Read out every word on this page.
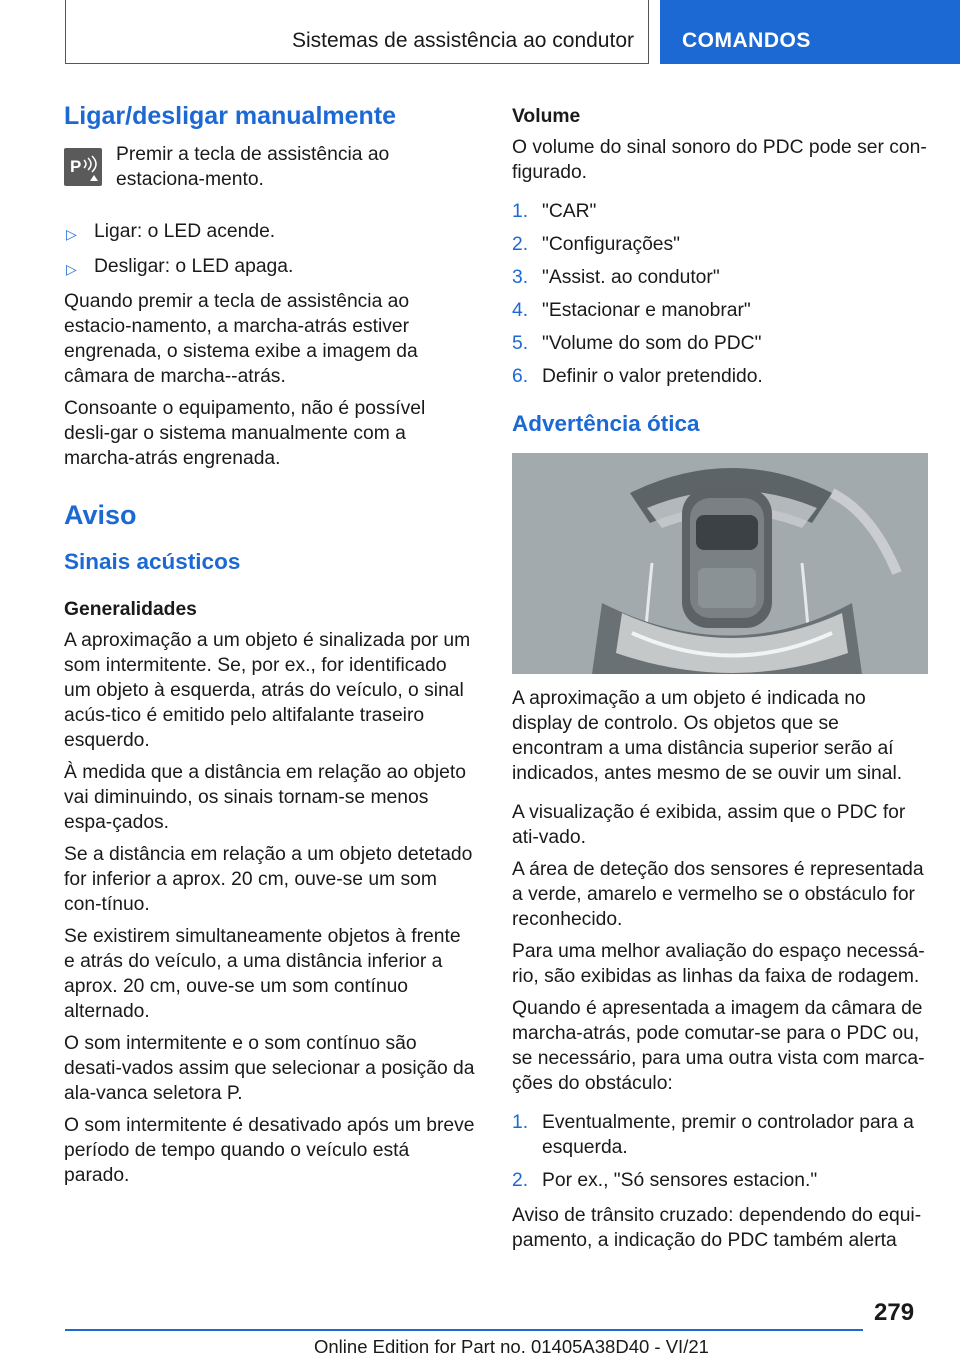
Sistemas de assistência ao condutor COMANDOS
Ligar/desligar manualmente
P

Premir a tecla de assistência ao estaciona-mento.

▷ Ligar: o LED acende.
▷ Desligar: o LED apaga.

Quando premir a tecla de assistência ao estacio-namento, a marcha-atrás estiver engrenada, o sistema exibe a imagem da câmara de marcha--atrás.

Consoante o equipamento, não é possível desli-gar o sistema manualmente com a marcha-atrás engrenada.

Aviso
Sinais acústicos
Generalidades

A aproximação a um objeto é sinalizada por um som intermitente. Se, por ex., for identificado um objeto à esquerda, atrás do veículo, o sinal acús-tico é emitido pelo altifalante traseiro esquerdo.

À medida que a distância em relação ao objeto vai diminuindo, os sinais tornam-se menos espa-çados.

Se a distância em relação a um objeto detetado for inferior a aprox. 20 cm, ouve-se um som con-tínuo.

Se existirem simultaneamente objetos à frente e atrás do veículo, a uma distância inferior a aprox. 20 cm, ouve-se um som contínuo alternado.

O som intermitente e o som contínuo são desati-vados assim que selecionar a posição da ala-vanca seletora P.

O som intermitente é desativado após um breve período de tempo quando o veículo está parado.

Volume

O volume do sinal sonoro do PDC pode ser con-figurado.

1. "CAR"
2. "Configurações"
3. "Assist. ao condutor"
4. "Estacionar e manobrar"
5. "Volume do som do PDC"
6. Definir o valor pretendido.
Advertência ótica

A aproximação a um objeto é indicada no display de controlo. Os objetos que se encontram a uma distância superior serão aí indicados, antes mesmo de se ouvir um sinal.

A visualização é exibida, assim que o PDC for ati-vado.

A área de deteção dos sensores é representada a verde, amarelo e vermelho se o obstáculo for reconhecido.

Para uma melhor avaliação do espaço necessá-rio, são exibidas as linhas da faixa de rodagem.

Quando é apresentada a imagem da câmara de marcha-atrás, pode comutar-se para o PDC ou, se necessário, para uma outra vista com marca-ções do obstáculo:

1. Eventualmente, premir o controlador para a esquerda.
2. Por ex., "Só sensores estacion."

Aviso de trânsito cruzado: dependendo do equi-pamento, a indicação do PDC também alerta

279
Online Edition for Part no. 01405A38D40 - VI/21
